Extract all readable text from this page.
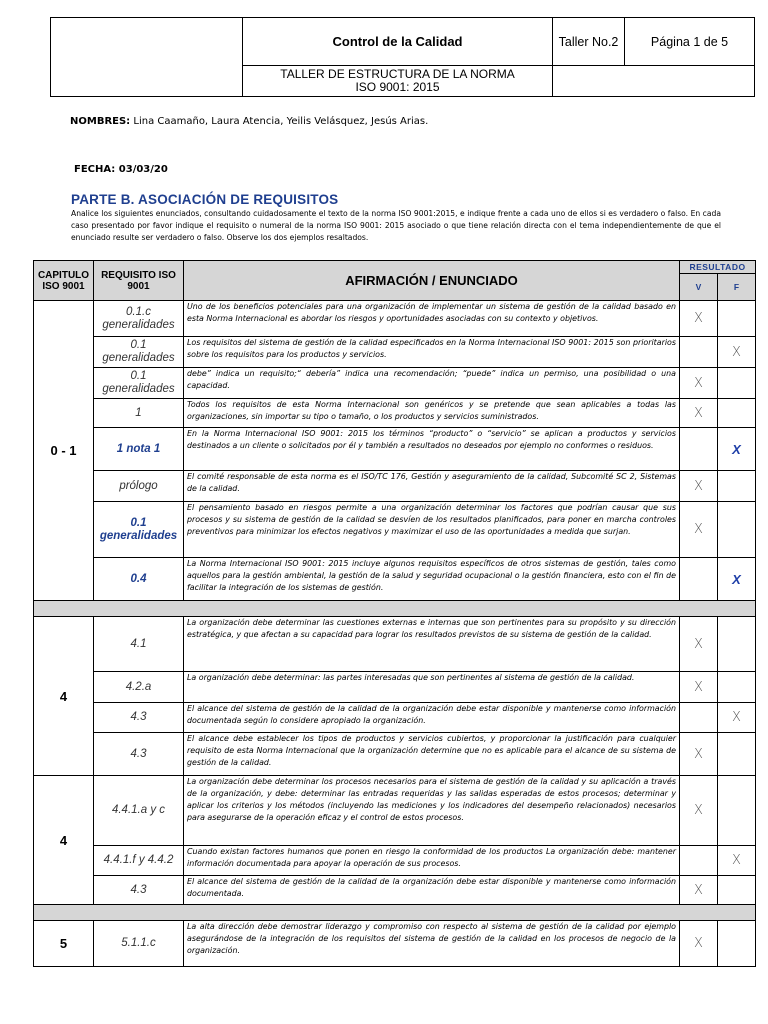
	Control de la Calidad	Taller No.2	Página 1 de 5

	TALLER DE ESTRUCTURA DE LA NORMA
ISO 9001: 2015		

NOMBRES: Lina Caamaño, Laura Atencia, Yeilis Velásquez, Jesús Arias.
FECHA: 03/03/20
PARTE B. ASOCIACIÓN DE REQUISITOS
Analice los siguientes enunciados, consultando cuidadosamente el texto de la norma ISO 9001:2015, e indique frente a cada uno de ellos si es verdadero o falso. En cada caso presentado por favor indique el requisito o numeral de la norma ISO 9001: 2015 asociado o que tiene relación directa con el tema independientemente de que el enunciado resulte ser verdadero o falso. Observe los dos ejemplos resaltados.
CAPITULO ISO 9001	REQUISITO ISO 9001	AFIRMACIÓN / ENUNCIADO	RESULTADO	
			V	F
0 - 1	0.1.c generalidades	Uno de los beneficios potenciales para una organización de implementar un sistema de gestión de la calidad basado en esta Norma Internacional es abordar los riesgos y oportunidades asociadas con su contexto y objetivos.	X	
	0.1 generalidades	Los requisitos del sistema de gestión de la calidad especificados en la Norma Internacional ISO 9001: 2015 son prioritarios sobre los requisitos para los productos y servicios.		X
	0.1 generalidades	debe” indica un requisito;“ debería” indica una recomendación; “puede” indica un permiso, una posibilidad o una capacidad.	X	
	1	Todos los requisitos de esta Norma Internacional son genéricos y se pretende que sean aplicables a todas las organizaciones, sin importar su tipo o tamaño, o los productos y servicios suministrados.	X	
	1 nota 1	En la Norma Internacional ISO 9001: 2015 los términos “producto” o “servicio” se aplican a productos y servicios destinados a un cliente o solicitados por él y también a resultados no deseados por ejemplo no conformes o residuos.		X
	prólogo	El comité responsable de esta norma es el ISO/TC 176, Gestión y aseguramiento de la calidad, Subcomité SC 2, Sistemas de la calidad.	X	
	0.1 generalidades	El pensamiento basado en riesgos permite a una organización determinar los factores que podrían causar que sus procesos y su sistema de gestión de la calidad se desvíen de los resultados planificados, para poner en marcha controles preventivos para minimizar los efectos negativos y maximizar el uso de las oportunidades a medida que surjan.	X	
	0.4	La Norma Internacional ISO 9001: 2015 incluye algunos requisitos específicos de otros sistemas de gestión, tales como aquellos para la gestión ambiental, la gestión de la salud y seguridad ocupacional o la gestión financiera, esto con el fin de facilitar la integración de los sistemas de gestión.		X

4	4.1	La organización debe determinar las cuestiones externas e internas que son pertinentes para su propósito y su dirección estratégica, y que afectan a su capacidad para lograr los resultados previstos de su sistema de gestión de la calidad.	X	
	4.2.a	La organización debe determinar: las partes interesadas que son pertinentes al sistema de gestión de la calidad.	X	
	4.3	El alcance del sistema de gestión de la calidad de la organización debe estar disponible y mantenerse como información documentada según lo considere apropiado la organización.		X
	4.3	El alcance debe establecer los tipos de productos y servicios cubiertos, y proporcionar la justificación para cualquier requisito de esta Norma Internacional que la organización determine que no es aplicable para el alcance de su sistema de gestión de la calidad.	X	
4	4.4.1.a y c	La organización debe determinar los procesos necesarios para el sistema de gestión de la calidad y su aplicación a través de la organización, y debe: determinar las entradas requeridas y las salidas esperadas de estos procesos; determinar y aplicar los criterios y los métodos (incluyendo las mediciones y los indicadores del desempeño relacionados) necesarios para asegurarse de la operación eficaz y el control de estos procesos.	X	
	4.4.1.f y 4.4.2	Cuando existan factores humanos que ponen en riesgo la conformidad de los productos La organización debe: mantener información documentada para apoyar la operación de sus procesos.		X
	4.3	El alcance del sistema de gestión de la calidad de la organización debe estar disponible y mantenerse como información documentada.	X	

5	5.1.1.c	La alta dirección debe demostrar liderazgo y compromiso con respecto al sistema de gestión de la calidad por ejemplo asegurándose de la integración de los requisitos del sistema de gestión de la calidad en los procesos de negocio de la organización.	X	
